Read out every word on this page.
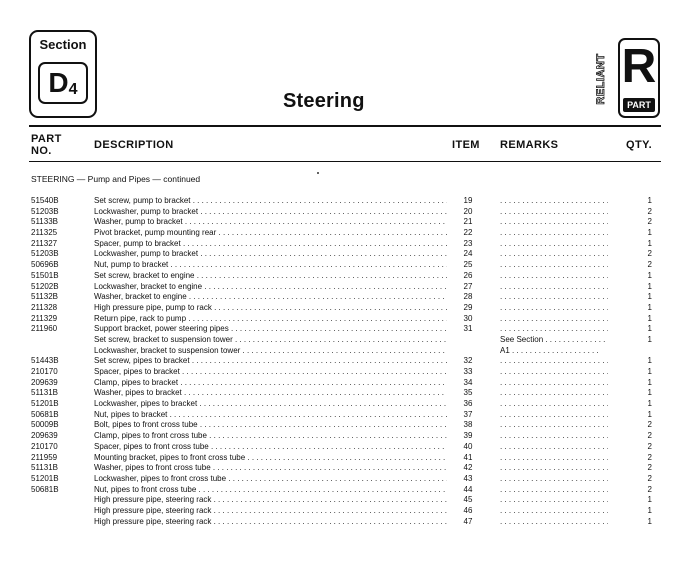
Section
$D_4$
Steering	RELIANT R
PART
PART
NO.	DESCRIPTION	ITEM REMARKS	QTY.
STEERING — Pump and Pipes — continued
51540B	Set screw, pump to bracket . . .	19 . . .	1
51203B	Lockwasher, pump to bracket . . .	20 . . .	2
51133B	Washer, pump to bracket . . .	21 . . .	2
211325	Pivot bracket, pump mounting rear . . .	22 . . .	1
211327	Spacer, pump to bracket . . .	23 . . .	1
51203B	Lockwasher, pump to bracket . . .	24 . . .	2
50696B	Nut, pump to bracket . . .	25 . . .	2
51501B	Set screw, bracket to engine . . .	26 . . .	1
51202B	Lockwasher, bracket to engine . . .	27 . . .	1
51132B	Washer, bracket to engine . . .	28 . . .	1
211328	High pressure pipe, pump to rack . . .	29 . . .	1
211329	Return pipe, rack to pump . . .	30 . . .	1
211960	Support bracket, power steering pipes . . .	31 . . .	1
Set screw, bracket to suspension tower . . .	See Section . . .	1
Lockwasher, bracket to suspension tower . . .	A1 . . .
51443B	Set screw, pipes to bracket . . .	32 . . .	1
210170	Spacer, pipes to bracket . . .	33 . . .	1
209639	Clamp, pipes to bracket . . .	34 . . .	1
51131B	Washer, pipes to bracket . . .	35 . . .	1
51201B	Lockwasher, pipes to bracket . . .	36 . . .	1
50681B	Nut, pipes to bracket . . .	37 . . .	1
50009B	Bolt, pipes to front cross tube . . .	38 . . .	2
209639	Clamp, pipes to front cross tube . . .	39 . . .	2
210170	Spacer, pipes to front cross tube . . .	40 . . .	2
211959	Mounting bracket, pipes to front cross tube . . .	41 . . .	2
51131B	Washer, pipes to front cross tube . . .	42 . . .	2
51201B	Lockwasher, pipes to front cross tube . . .	43 . . .	2
50681B	Nut, pipes to front cross tube . . .	44 . . .	2
High pressure pipe, steering rack . . .	45 . . .	1
High pressure pipe, steering rack . . .	46 . . .	1
High pressure pipe, steering rack . . .	47 . . .	1
